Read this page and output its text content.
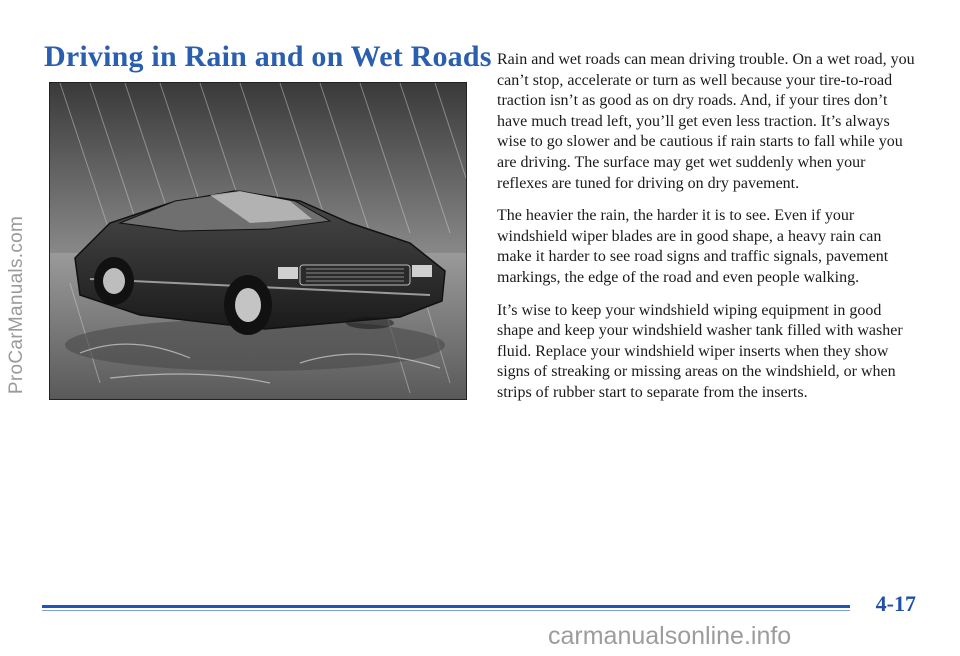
ProCarManuals.com
Driving in Rain and on Wet Roads Rain and wet roads can mean driving trouble. On a wet road, you can’t stop, accelerate or turn as well because your tire-to-road traction isn’t as good as on dry roads. And, if your tires don’t have much tread left, you’ll get even less traction. It’s always wise to go slower and be cautious if rain starts to fall while you are driving. The surface may get wet suddenly when your reflexes are tuned for driving on dry pavement.

The heavier the rain, the harder it is to see. Even if your windshield wiper blades are in good shape, a heavy rain can make it harder to see road signs and traffic signals, pavement markings, the edge of the road and even people walking.

It’s wise to keep your windshield wiping equipment in good shape and keep your windshield washer tank filled with washer fluid. Replace your windshield wiper inserts when they show signs of streaking or missing areas on the windshield, or when strips of rubber start to separate from the inserts.

4-17
carmanualsonline.info
